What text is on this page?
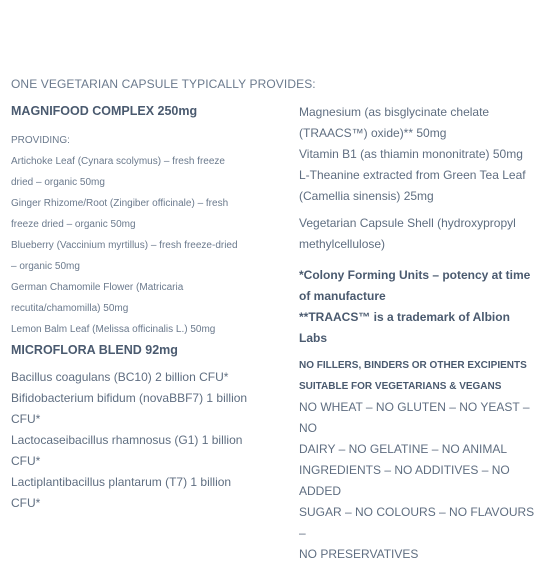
ONE VEGETARIAN CAPSULE TYPICALLY PROVIDES:
MAGNIFOOD COMPLEX 250mg
PROVIDING:
Artichoke Leaf (Cynara scolymus) – fresh freeze
dried – organic 50mg
Ginger Rhizome/Root (Zingiber officinale) – fresh
freeze dried – organic 50mg
Blueberry (Vaccinium myrtillus) – fresh freeze-dried
– organic 50mg
German Chamomile Flower (Matricaria
recutita/chamomilla) 50mg
Lemon Balm Leaf (Melissa officinalis L.) 50mg
MICROFLORA BLEND 92mg
Bacillus coagulans (BC10) 2 billion CFU*
Bifidobacterium bifidum (novaBBF7) 1 billion
CFU*
Lactocaseibacillus rhamnosus (G1) 1 billion
CFU*
Lactiplantibacillus plantarum (T7) 1 billion
CFU*
Magnesium (as bisglycinate chelate
(TRAACS™) oxide)** 50mg
Vitamin B1 (as thiamin mononitrate) 50mg
L-Theanine extracted from Green Tea Leaf
(Camellia sinensis) 25mg
Vegetarian Capsule Shell (hydroxypropyl
methylcellulose)
*Colony Forming Units – potency at time
of manufacture
**TRAACS™ is a trademark of Albion Labs
NO FILLERS, BINDERS OR OTHER EXCIPIENTS
SUITABLE FOR VEGETARIANS & VEGANS
NO WHEAT – NO GLUTEN – NO YEAST – NO
DAIRY – NO GELATINE – NO ANIMAL
INGREDIENTS – NO ADDITIVES – NO ADDED
SUGAR – NO COLOURS – NO FLAVOURS –
NO PRESERVATIVES
